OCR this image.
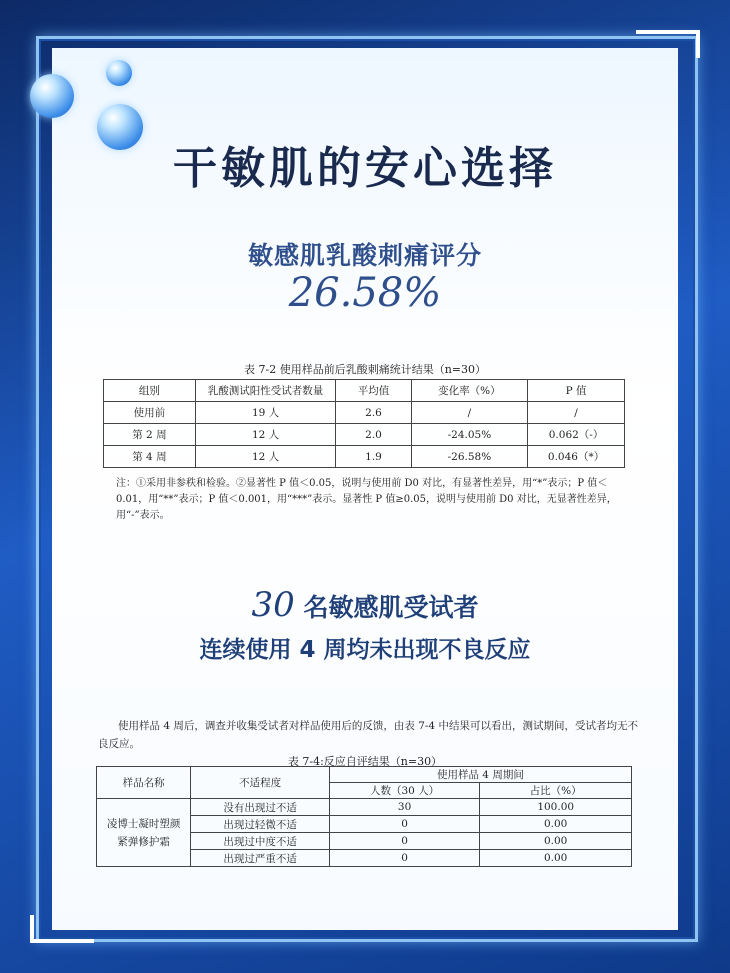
干敏肌的安心选择
敏感肌乳酸刺痛评分
26.58%
表 7-2 使用样品前后乳酸刺痛统计结果（n=30）
组别	乳酸测试阳性受试者数量	平均值	变化率（%）	P 值
使用前	19 人	2.6	/	/
第 2 周	12 人	2.0	-24.05%	0.062（-）
第 4 周	12 人	1.9	-26.58%	0.046（*）
注：①采用非参秩和检验。②显著性 P 值＜0.05，说明与使用前 D0 对比，有显著性差异，用“*”表示；P 值＜0.01，用“**”表示；P 值＜0.001，用“***”表示。显著性 P 值≥0.05，说明与使用前 D0 对比，无显著性差异，用“-”表示。
30 名敏感肌受试者
连续使用 4 周均未出现不良反应
使用样品 4 周后，调查并收集受试者对样品使用后的反馈，由表 7-4 中结果可以看出，测试期间，受试者均无不良反应。
表 7-4:反应自评结果（n=30）
样品名称	不适程度	使用样品 4 周期间	
		人数（30 人）	占比（%）

凌博士凝时塑颜
紧弹修护霜	没有出现过不适	30	100.00
	出现过轻微不适	0	0.00
	出现过中度不适	0	0.00
	出现过严重不适	0	0.00
